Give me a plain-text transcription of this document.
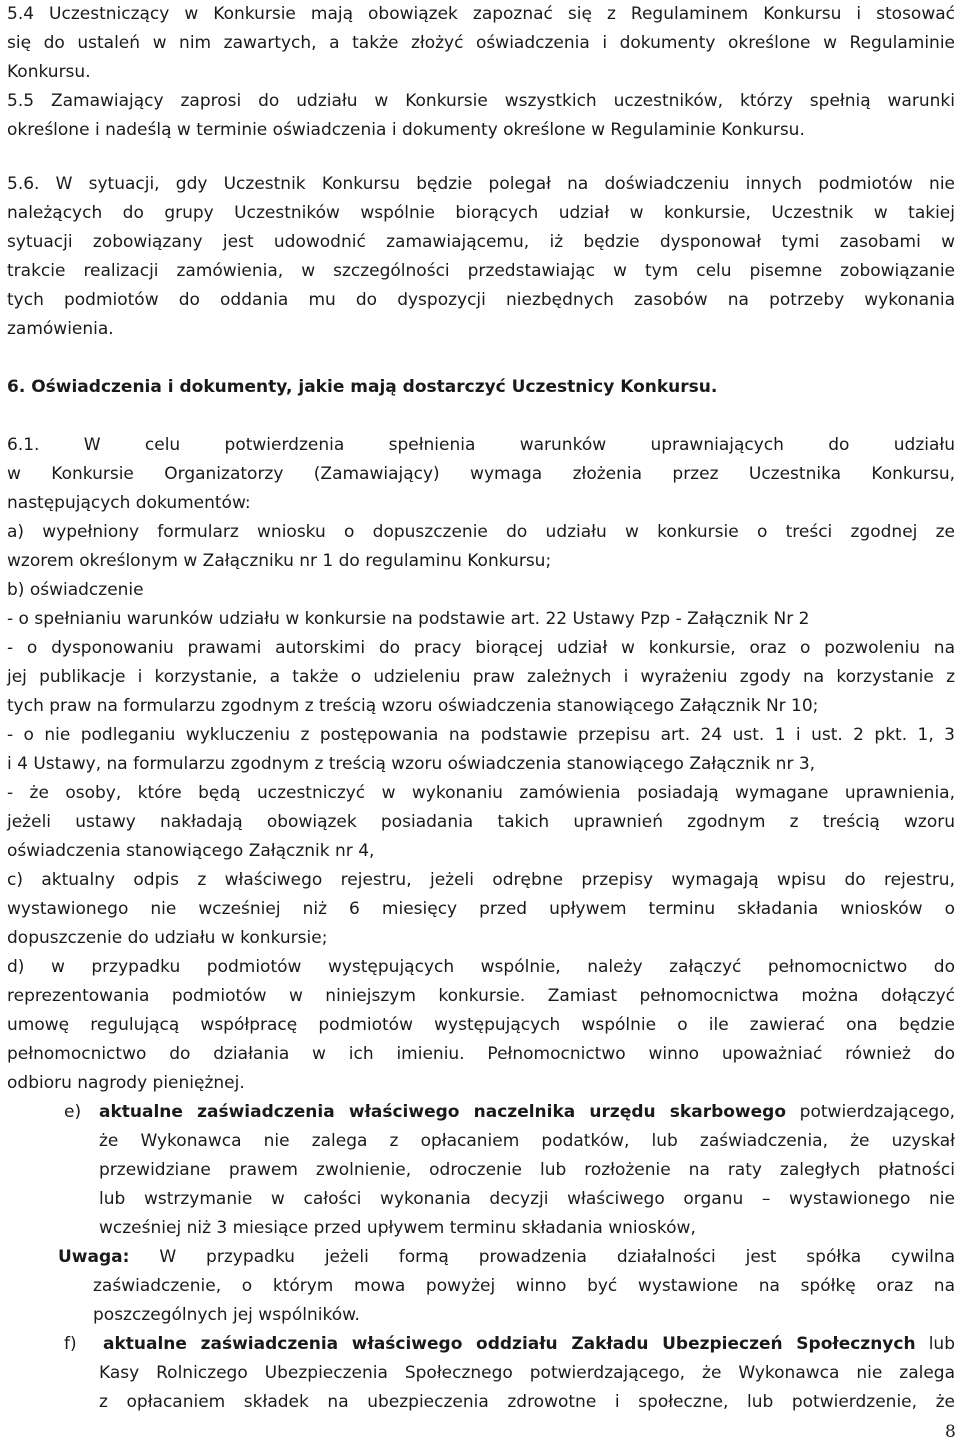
5.4 Uczestniczący w Konkursie mają obowiązek zapoznać się z Regulaminem Konkursu i stosować
się do ustaleń w nim zawartych, a także złożyć oświadczenia i dokumenty określone w Regulaminie
Konkursu.
5.5 Zamawiający zaprosi do udziału w Konkursie wszystkich uczestników, którzy spełnią warunki
określone i nadeślą w terminie oświadczenia i dokumenty określone w Regulaminie Konkursu.
5.6. W sytuacji, gdy Uczestnik Konkursu będzie polegał na doświadczeniu innych podmiotów nie
należących do grupy Uczestników wspólnie biorących udział w konkursie, Uczestnik w takiej
sytuacji zobowiązany jest udowodnić zamawiającemu, iż będzie dysponował tymi zasobami w
trakcie realizacji zamówienia, w szczególności przedstawiając w tym celu pisemne zobowiązanie
tych podmiotów do oddania mu do dyspozycji niezbędnych zasobów na potrzeby wykonania
zamówienia.
6. Oświadczenia i dokumenty, jakie mają dostarczyć Uczestnicy Konkursu.
6.1. W celu potwierdzenia spełnienia warunków uprawniających do udziału
w Konkursie Organizatorzy (Zamawiający) wymaga złożenia przez Uczestnika Konkursu,
następujących dokumentów:
a) wypełniony formularz wniosku o dopuszczenie do udziału w konkursie o treści zgodnej ze
wzorem określonym w Załączniku nr 1 do regulaminu Konkursu;
b) oświadczenie
- o spełnianiu warunków udziału w konkursie na podstawie art. 22 Ustawy Pzp - Załącznik Nr 2
- o dysponowaniu prawami autorskimi do pracy biorącej udział w konkursie, oraz o pozwoleniu na
jej publikacje i korzystanie, a także o udzieleniu praw zależnych i wyrażeniu zgody na korzystanie z
tych praw na formularzu zgodnym z treścią wzoru oświadczenia stanowiącego Załącznik Nr 10;
- o nie podleganiu wykluczeniu z postępowania na podstawie przepisu art. 24 ust. 1 i ust. 2 pkt. 1, 3
i 4 Ustawy, na formularzu zgodnym z treścią wzoru oświadczenia stanowiącego Załącznik nr 3,
- że osoby, które będą uczestniczyć w wykonaniu zamówienia posiadają wymagane uprawnienia,
jeżeli ustawy nakładają obowiązek posiadania takich uprawnień zgodnym z treścią wzoru
oświadczenia stanowiącego Załącznik nr 4,
c) aktualny odpis z właściwego rejestru, jeżeli odrębne przepisy wymagają wpisu do rejestru,
wystawionego nie wcześniej niż 6 miesięcy przed upływem terminu składania wniosków o
dopuszczenie do udziału w konkursie;
d) w przypadku podmiotów występujących wspólnie, należy załączyć pełnomocnictwo do
reprezentowania podmiotów w niniejszym konkursie. Zamiast pełnomocnictwa można dołączyć
umowę regulującą współpracę podmiotów występujących wspólnie o ile zawierać ona będzie
pełnomocnictwo do działania w ich imieniu. Pełnomocnictwo winno upoważniać również do
odbioru nagrody pieniężnej.
e) aktualne zaświadczenia właściwego naczelnika urzędu skarbowego potwierdzającego,
że Wykonawca nie zalega z opłacaniem podatków, lub zaświadczenia, że uzyskał
przewidziane prawem zwolnienie, odroczenie lub rozłożenie na raty zaległych płatności
lub wstrzymanie w całości wykonania decyzji właściwego organu – wystawionego nie
wcześniej niż 3 miesiące przed upływem terminu składania wniosków,
Uwaga: W przypadku jeżeli formą prowadzenia działalności jest spółka cywilna
zaświadczenie, o którym mowa powyżej winno być wystawione na spółkę oraz na
poszczególnych jej wspólników.
f) aktualne zaświadczenia właściwego oddziału Zakładu Ubezpieczeń Społecznych lub
Kasy Rolniczego Ubezpieczenia Społecznego potwierdzającego, że Wykonawca nie zalega
z opłacaniem składek na ubezpieczenia zdrowotne i społeczne, lub potwierdzenie, że
8
